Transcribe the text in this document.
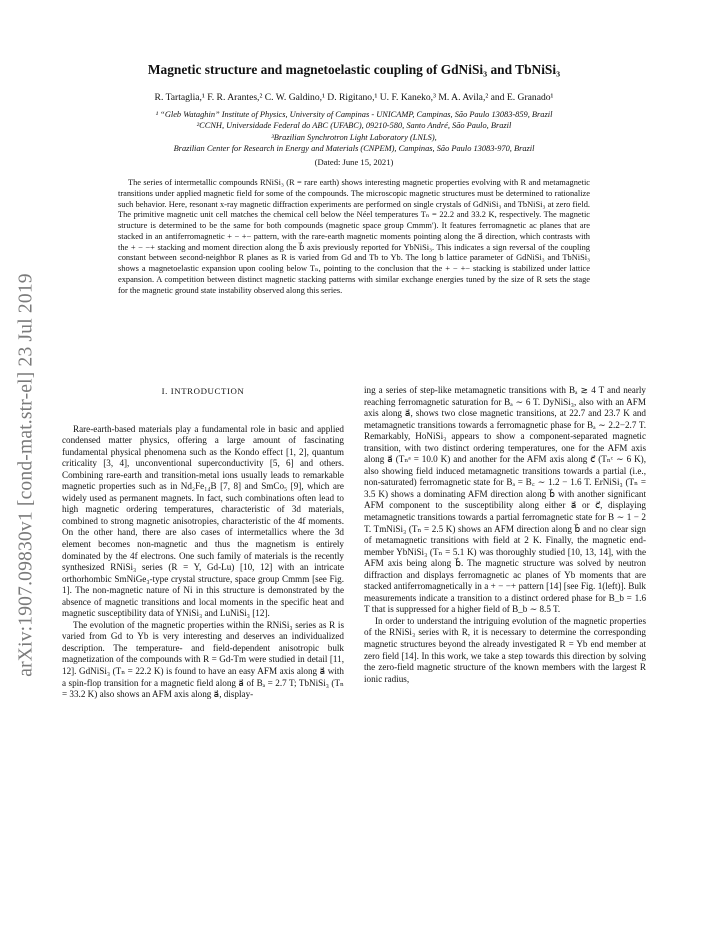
arXiv:1907.09830v1 [cond-mat.str-el] 23 Jul 2019
Magnetic structure and magnetoelastic coupling of GdNiSi₃ and TbNiSi₃
R. Tartaglia,¹ F. R. Arantes,² C. W. Galdino,¹ D. Rigitano,¹ U. F. Kaneko,³ M. A. Avila,² and E. Granado¹
¹ “Gleb Wataghin” Institute of Physics, University of Campinas - UNICAMP, Campinas, São Paulo 13083-859, Brazil
²CCNH, Universidade Federal do ABC (UFABC), 09210-580, Santo André, São Paulo, Brazil
³Brazilian Synchrotron Light Laboratory (LNLS),
Brazilian Center for Research in Energy and Materials (CNPEM), Campinas, São Paulo 13083-970, Brazil
(Dated: June 15, 2021)

The series of intermetallic compounds RNiSi₃ (R = rare earth) shows interesting magnetic properties evolving with R and metamagnetic transitions under applied magnetic field for some of the compounds. The microscopic magnetic structures must be determined to rationalize such behavior. Here, resonant x-ray magnetic diffraction experiments are performed on single crystals of GdNiSi₃ and TbNiSi₃ at zero field. The primitive magnetic unit cell matches the chemical cell below the Néel temperatures Tₙ = 22.2 and 33.2 K, respectively. The magnetic structure is determined to be the same for both compounds (magnetic space group Cmmm′). It features ferromagnetic ac planes that are stacked in an antiferromagnetic + − +− pattern, with the rare-earth magnetic moments pointing along the a⃗ direction, which contrasts with the + − −+ stacking and moment direction along the b⃗ axis previously reported for YbNiSi₃. This indicates a sign reversal of the coupling constant between second-neighbor R planes as R is varied from Gd and Tb to Yb. The long b lattice parameter of GdNiSi₃ and TbNiSi₃ shows a magnetoelastic expansion upon cooling below Tₙ, pointing to the conclusion that the + − +− stacking is stabilized under lattice expansion. A competition between distinct magnetic stacking patterns with similar exchange energies tuned by the size of R sets the stage for the magnetic ground state instability observed along this series.

I. INTRODUCTION

Rare-earth-based materials play a fundamental role in basic and applied condensed matter physics, offering a large amount of fascinating fundamental physical phenomena such as the Kondo effect [1, 2], quantum criticality [3, 4], unconventional superconductivity [5, 6] and others. Combining rare-earth and transition-metal ions usually leads to remarkable magnetic properties such as in Nd₂Fe₁₄B [7, 8] and SmCo₅ [9], which are widely used as permanent magnets. In fact, such combinations often lead to high magnetic ordering temperatures, characteristic of 3d materials, combined to strong magnetic anisotropies, characteristic of the 4f moments. On the other hand, there are also cases of intermetallics where the 3d element becomes non-magnetic and thus the magnetism is entirely dominated by the 4f electrons. One such family of materials is the recently synthesized RNiSi₃ series (R = Y, Gd-Lu) [10, 12] with an intricate orthorhombic SmNiGe₃-type crystal structure, space group Cmmm [see Fig. 1]. The non-magnetic nature of Ni in this structure is demonstrated by the absence of magnetic transitions and local moments in the specific heat and magnetic susceptibility data of YNiSi₃ and LuNiSi₃ [12].

The evolution of the magnetic properties within the RNiSi₃ series as R is varied from Gd to Yb is very interesting and deserves an individualized description. The temperature- and field-dependent anisotropic bulk magnetization of the compounds with R = Gd-Tm were studied in detail [11, 12]. GdNiSi₃ (Tₙ = 22.2 K) is found to have an easy AFM axis along a⃗ with a spin-flop transition for a magnetic field along a⃗ of Bₐ = 2.7 T; TbNiSi₃ (Tₙ = 33.2 K) also shows an AFM axis along a⃗, display-

ing a series of step-like metamagnetic transitions with Bₐ ≳ 4 T and nearly reaching ferromagnetic saturation for Bₐ ∼ 6 T. DyNiSi₃, also with an AFM axis along a⃗, shows two close magnetic transitions, at 22.7 and 23.7 K and metamagnetic transitions towards a ferromagnetic phase for Bₐ ∼ 2.2−2.7 T. Remarkably, HoNiSi₃ appears to show a component-separated magnetic transition, with two distinct ordering temperatures, one for the AFM axis along a⃗ (Tₙᵃ = 10.0 K) and another for the AFM axis along c⃗ (Tₙᶜ ∼ 6 K), also showing field induced metamagnetic transitions towards a partial (i.e., non-saturated) ferromagnetic state for Bₐ = B꜀ ∼ 1.2 − 1.6 T. ErNiSi₃ (Tₙ = 3.5 K) shows a dominating AFM direction along b⃗ with another significant AFM component to the susceptibility along either a⃗ or c⃗, displaying metamagnetic transitions towards a partial ferromagnetic state for B ∼ 1 − 2 T. TmNiSi₃ (Tₙ = 2.5 K) shows an AFM direction along b⃗ and no clear sign of metamagnetic transitions with field at 2 K. Finally, the magnetic end-member YbNiSi₃ (Tₙ = 5.1 K) was thoroughly studied [10, 13, 14], with the AFM axis being along b⃗. The magnetic structure was solved by neutron diffraction and displays ferromagnetic ac planes of Yb moments that are stacked antiferromagnetically in a + − −+ pattern [14] [see Fig. 1(left)]. Bulk measurements indicate a transition to a distinct ordered phase for B_b = 1.6 T that is suppressed for a higher field of B_b ∼ 8.5 T.

In order to understand the intriguing evolution of the magnetic properties of the RNiSi₃ series with R, it is necessary to determine the corresponding magnetic structures beyond the already investigated R = Yb end member at zero field [14]. In this work, we take a step towards this direction by solving the zero-field magnetic structure of the known members with the largest R ionic radius,
